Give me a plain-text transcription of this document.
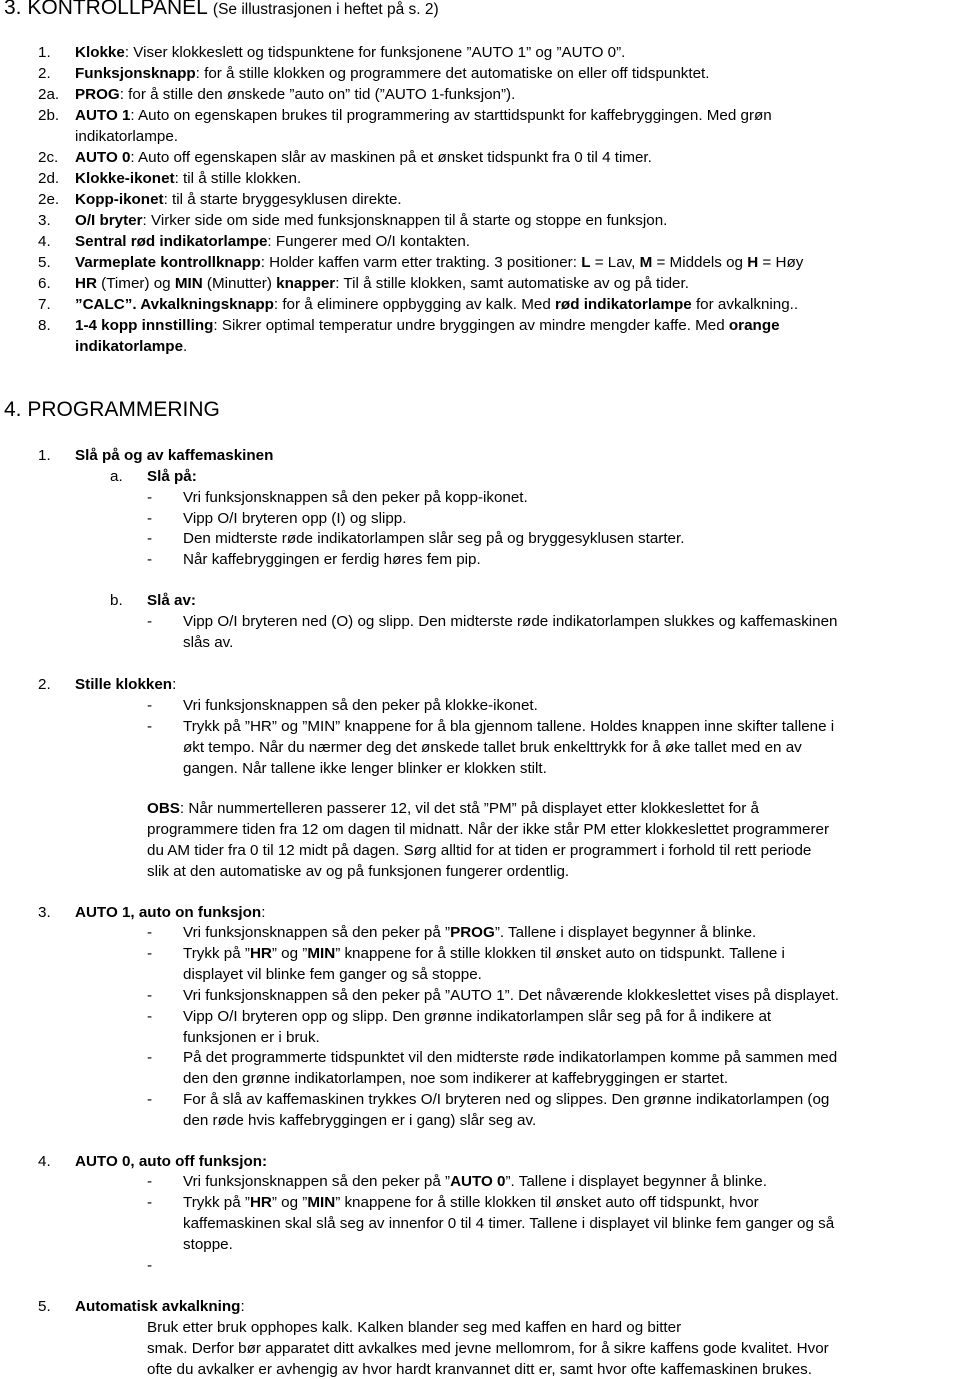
3. KONTROLLPANEL (Se illustrasjonen i heftet på s. 2)
1. Klokke: Viser klokkeslett og tidspunktene for funksjonene ”AUTO 1” og ”AUTO 0”.
2. Funksjonsknapp: for å stille klokken og programmere det automatiske on eller off tidspunktet.
2a. PROG: for å stille den ønskede ”auto on” tid (”AUTO 1-funksjon”).
2b. AUTO 1: Auto on egenskapen brukes til programmering av starttidspunkt for kaffebryggingen. Med grøn
indikatorlampe.
2c. AUTO 0: Auto off egenskapen slår av maskinen på et ønsket tidspunkt fra 0 til 4 timer.
2d. Klokke-ikonet: til å stille klokken.
2e. Kopp-ikonet: til å starte bryggesyklusen direkte.
3. O/I bryter: Virker side om side med funksjonsknappen til å starte og stoppe en funksjon.
4. Sentral rød indikatorlampe: Fungerer med O/I kontakten.
5. Varmeplate kontrollknapp: Holder kaffen varm etter trakting. 3 positioner: L = Lav, M = Middels og H = Høy
6. HR (Timer) og MIN (Minutter) knapper: Til å stille klokken, samt automatiske av og på tider.
7. ”CALC”. Avkalkningsknapp: for å eliminere oppbygging av kalk. Med rød indikatorlampe for avkalkning..
8. 1-4 kopp innstilling: Sikrer optimal temperatur undre bryggingen av mindre mengder kaffe. Med orange
indikatorlampe.
4. PROGRAMMERING
1. Slå på og av kaffemaskinen
a. Slå på:
- Vri funksjonsknappen så den peker på kopp-ikonet.
- Vipp O/I bryteren opp (I) og slipp.
- Den midterste røde indikatorlampen slår seg på og bryggesyklusen starter.
- Når kaffebryggingen er ferdig høres fem pip.
b. Slå av:
- Vipp O/I bryteren ned (O) og slipp. Den midterste røde indikatorlampen slukkes og kaffemaskinen
slås av.
2. Stille klokken:
- Vri funksjonsknappen så den peker på klokke-ikonet.
- Trykk på ”HR” og ”MIN” knappene for å bla gjennom tallene. Holdes knappen inne skifter tallene i
økt tempo. Når du nærmer deg det ønskede tallet bruk enkelttrykk for å øke tallet med en av
gangen. Når tallene ikke lenger blinker er klokken stilt.
OBS: Når nummertelleren passerer 12, vil det stå ”PM” på displayet etter klokkeslettet for å
programmere tiden fra 12 om dagen til midnatt. Når der ikke står PM etter klokkeslettet programmerer
du AM tider fra 0 til 12 midt på dagen. Sørg alltid for at tiden er programmert i forhold til rett periode
slik at den automatiske av og på funksjonen fungerer ordentlig.
3. AUTO 1, auto on funksjon:
- Vri funksjonsknappen så den peker på ”PROG”. Tallene i displayet begynner å blinke.
- Trykk på ”HR” og ”MIN” knappene for å stille klokken til ønsket auto on tidspunkt. Tallene i
displayet vil blinke fem ganger og så stoppe.
- Vri funksjonsknappen så den peker på ”AUTO 1”. Det nåværende klokkeslettet vises på displayet.
- Vipp O/I bryteren opp og slipp. Den grønne indikatorlampen slår seg på for å indikere at
funksjonen er i bruk.
- På det programmerte tidspunktet vil den midterste røde indikatorlampen komme på sammen med
den den grønne indikatorlampen, noe som indikerer at kaffebryggingen er startet.
- For å slå av kaffemaskinen trykkes O/I bryteren ned og slippes. Den grønne indikatorlampen (og
den røde hvis kaffebryggingen er i gang) slår seg av.
4. AUTO 0, auto off funksjon:
- Vri funksjonsknappen så den peker på ”AUTO 0”. Tallene i displayet begynner å blinke.
- Trykk på ”HR” og ”MIN” knappene for å stille klokken til ønsket auto off tidspunkt, hvor
kaffemaskinen skal slå seg av innenfor 0 til 4 timer. Tallene i displayet vil blinke fem ganger og så
stoppe.
-
5. Automatisk avkalkning:
Bruk etter bruk opphopes kalk. Kalken blander seg med kaffen en hard og bitter
smak. Derfor bør apparatet ditt avkalkes med jevne mellomrom, for å sikre kaffens gode kvalitet. Hvor
ofte du avkalker er avhengig av hvor hardt kranvannet ditt er, samt hvor ofte kaffemaskinen brukes.
